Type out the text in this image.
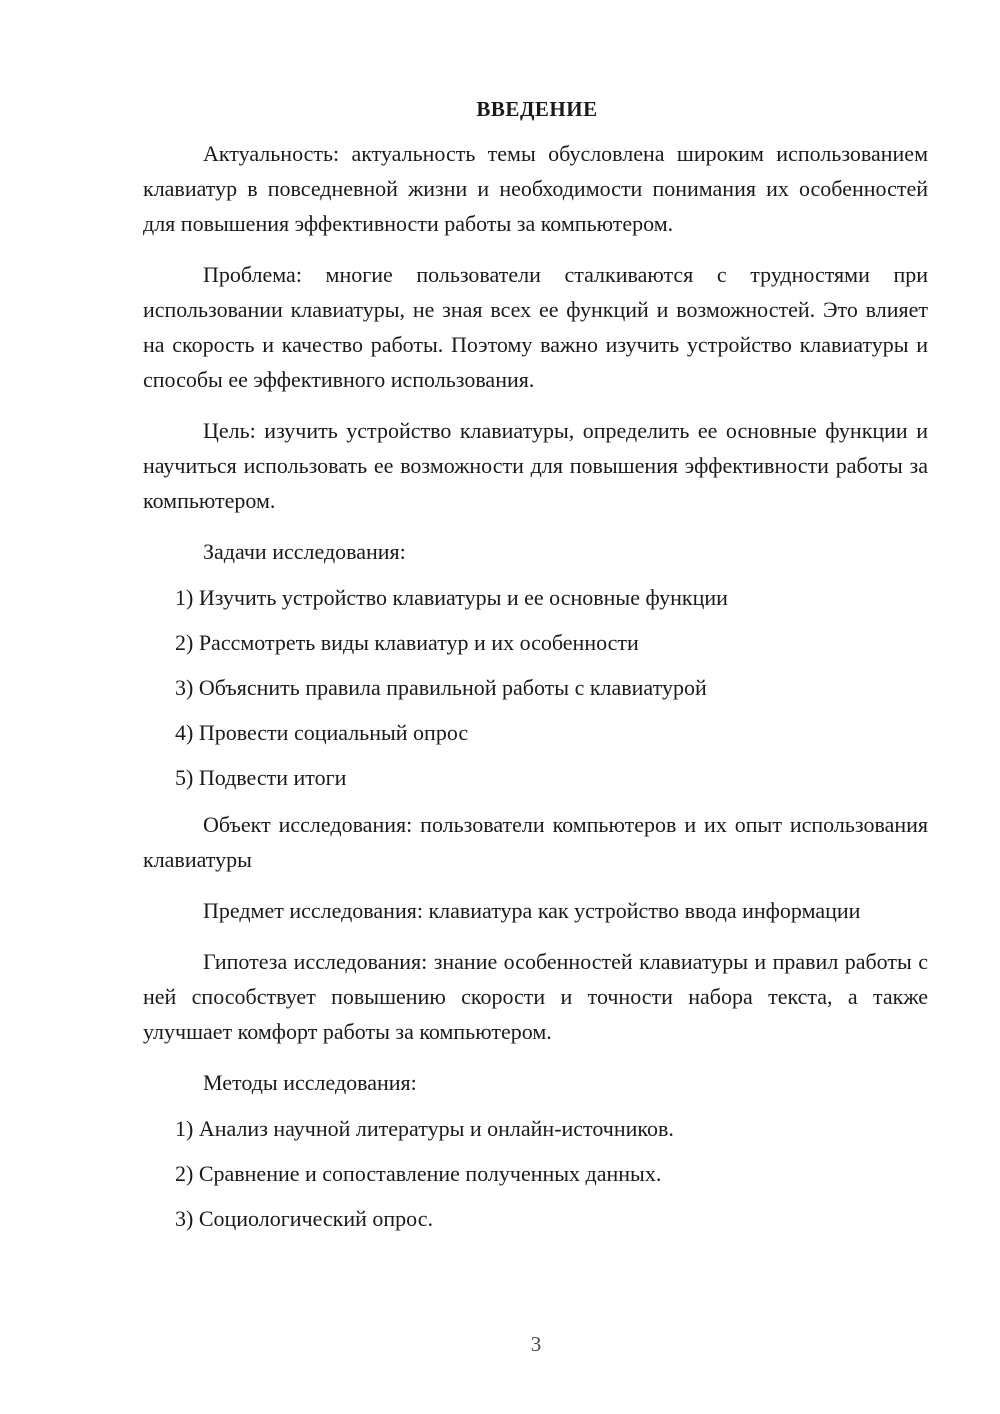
ВВЕДЕНИЕ

Актуальность: актуальность темы обусловлена широким использованием клавиатур в повседневной жизни и необходимости понимания их особенностей для повышения эффективности работы за компьютером.

Проблема: многие пользователи сталкиваются с трудностями при использовании клавиатуры, не зная всех ее функций и возможностей. Это влияет на скорость и качество работы. Поэтому важно изучить устройство клавиатуры и способы ее эффективного использования.

Цель: изучить устройство клавиатуры, определить ее основные функции и научиться использовать ее возможности для повышения эффективности работы за компьютером.

Задачи исследования:

1) Изучить устройство клавиатуры и ее основные функции
2) Рассмотреть виды клавиатур и их особенности
3) Объяснить правила правильной работы с клавиатурой
4) Провести социальный опрос
5) Подвести итоги

Объект исследования: пользователи компьютеров и их опыт использования клавиатуры

Предмет исследования: клавиатура как устройство ввода информации

Гипотеза исследования: знание особенностей клавиатуры и правил работы с ней способствует повышению скорости и точности набора текста, а также улучшает комфорт работы за компьютером.

Методы исследования:

1) Анализ научной литературы и онлайн-источников.
2) Сравнение и сопоставление полученных данных.
3) Социологический опрос.
3
